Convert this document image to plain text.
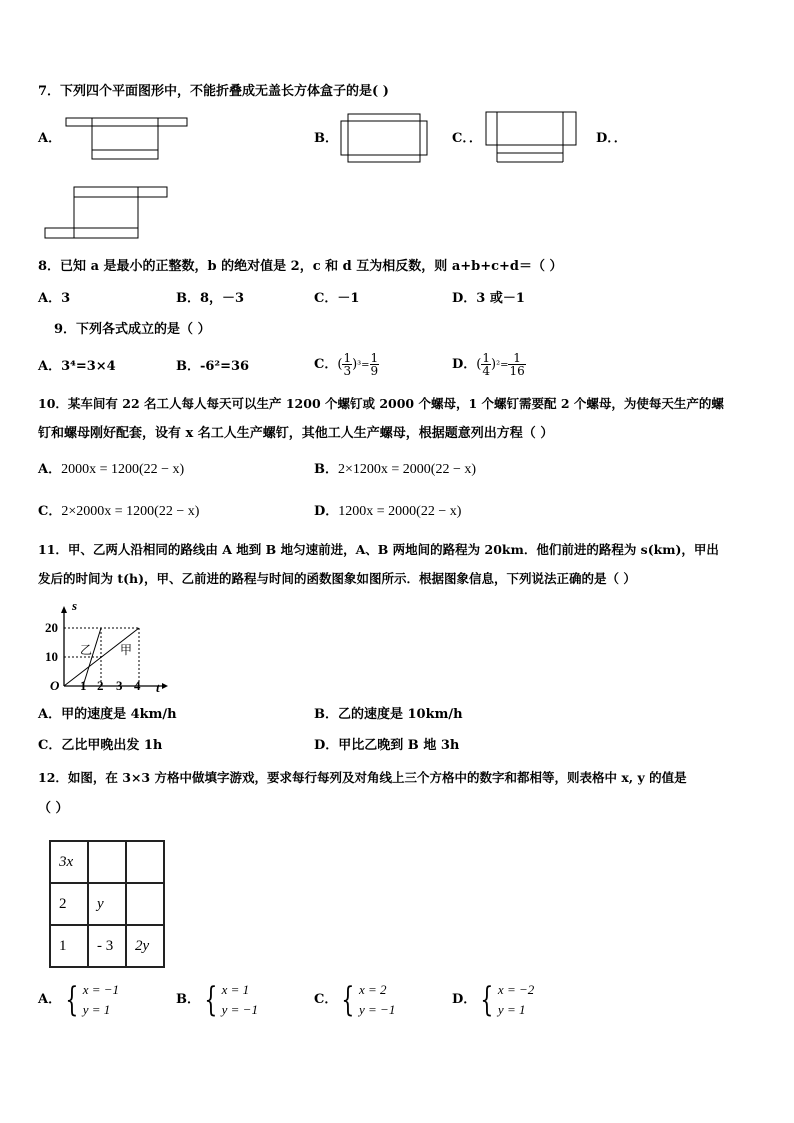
7．下列四个平面图形中，不能折叠成无盖长方体盒子的是( )
A．	B．	C．．	D．．
8．已知 a 是最小的正整数，b 的绝对值是 2，c 和 d 互为相反数，则 a+b+c+d＝（ ）
A．3	B．8，－3	C．－1	D．3 或－1
9．下列各式成立的是（ ）
A．3⁴=3×4	B．-6²=36	C．( $\frac{1}{3} )^3= \frac{1}{9}$	D．( $\frac{1}{4} )^2= \frac{1}{16}$
10．某车间有 22 名工人每人每天可以生产 1200 个螺钉或 2000 个螺母，1 个螺钉需要配 2 个螺母，为使每天生产的螺
钉和螺母刚好配套，设有 x 名工人生产螺钉，其他工人生产螺母，根据题意列出方程（ ）
A．2000x = 1200(22 − x)	B．2×1200x = 2000(22 − x)
C．2×2000x = 1200(22 − x)	D．1200x = 2000(22 − x)
11．甲、乙两人沿相同的路线由 A 地到 B 地匀速前进，A、B 两地间的路程为 20km．他们前进的路程为 s(km)，甲出
发后的时间为 t(h)，甲、乙前进的路程与时间的函数图象如图所示．根据图象信息，下列说法正确的是（ ）
s
t
O
20
10
1 2 3 4
乙 甲
A．甲的速度是 4km/h	B．乙的速度是 10km/h
C．乙比甲晚出发 1h	D．甲比乙晚到 B 地 3h
12．如图，在 3×3 方格中做填字游戏，要求每行每列及对角线上三个方格中的数字和都相等，则表格中 x, y 的值是
（ ）
3x		
2	y	
1	- 3	2y
A． { x = −1
y = 1
B． { x = 1
y = −1
C． { x = 2
y = −1
D． { x = −2
y = 1
